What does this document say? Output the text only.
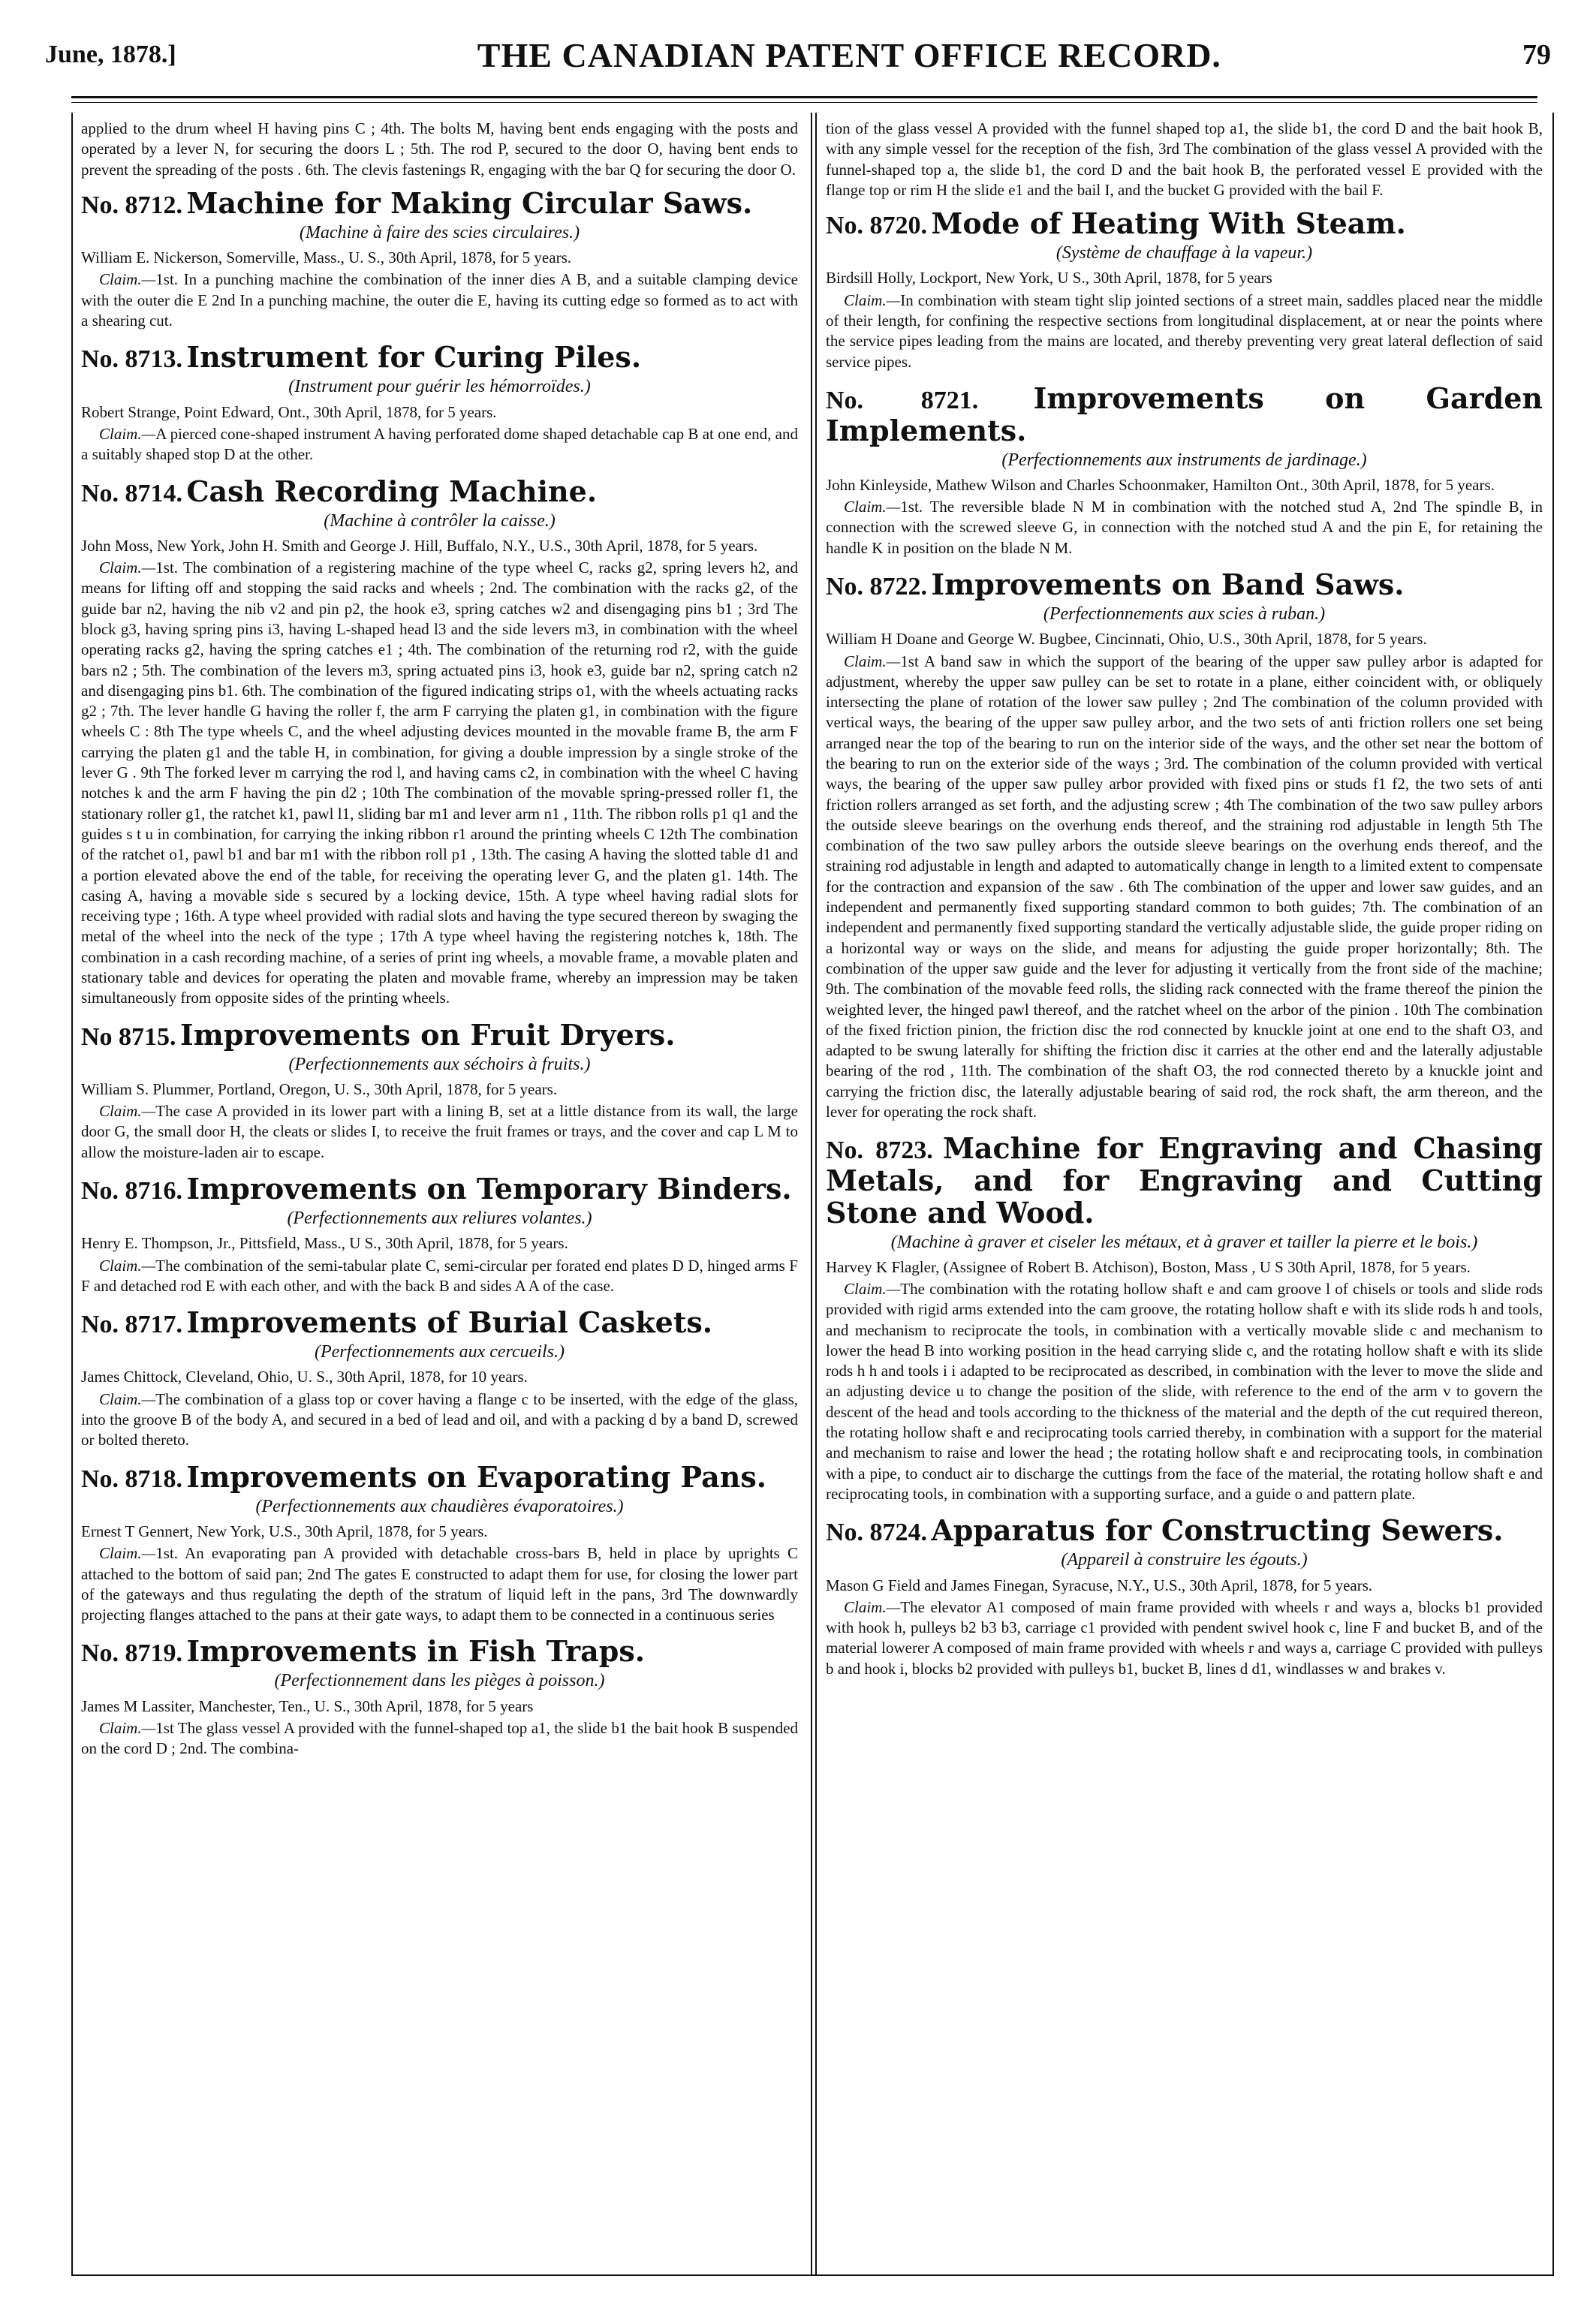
June, 1878.]	THE CANADIAN PATENT OFFICE RECORD.	79

applied to the drum wheel H having pins C ; 4th. The bolts M, having bent ends engaging with the posts and operated by a lever N, for securing the doors L ; 5th. The rod P, secured to the door O, having bent ends to prevent the spreading of the posts . 6th. The clevis fastenings R, engaging with the bar Q for securing the door O.

No. 8712. Machine for Making Circular Saws.
(Machine à faire des scies circulaires.)

William E. Nickerson, Somerville, Mass., U. S., 30th April, 1878, for 5 years.

Claim.—1st. In a punching machine the combination of the inner dies A B, and a suitable clamping device with the outer die E 2nd In a punching machine, the outer die E, having its cutting edge so formed as to act with a shearing cut.

No. 8713. Instrument for Curing Piles.
(Instrument pour guérir les hémorroïdes.)

Robert Strange, Point Edward, Ont., 30th April, 1878, for 5 years.

Claim.—A pierced cone-shaped instrument A having perforated dome shaped detachable cap B at one end, and a suitably shaped stop D at the other.

No. 8714. Cash Recording Machine.
(Machine à contrôler la caisse.)

John Moss, New York, John H. Smith and George J. Hill, Buffalo, N.Y., U.S., 30th April, 1878, for 5 years.

Claim.—1st. The combination of a registering machine of the type wheel C, racks g2, spring levers h2, and means for lifting off and stopping the said racks and wheels ; 2nd. The combination with the racks g2, of the guide bar n2, having the nib v2 and pin p2, the hook e3, spring catches w2 and disengaging pins b1 ; 3rd The block g3, having spring pins i3, having L-shaped head l3 and the side levers m3, in combination with the wheel operating racks g2, having the spring catches e1 ; 4th. The combination of the returning rod r2, with the guide bars n2 ; 5th. The combination of the levers m3, spring actuated pins i3, hook e3, guide bar n2, spring catch n2 and disengaging pins b1. 6th. The combination of the figured indicating strips o1, with the wheels actuating racks g2 ; 7th. The lever handle G having the roller f, the arm F carrying the platen g1, in combination with the figure wheels C : 8th The type wheels C, and the wheel adjusting devices mounted in the movable frame B, the arm F carrying the platen g1 and the table H, in combination, for giving a double impression by a single stroke of the lever G . 9th The forked lever m carrying the rod l, and having cams c2, in combination with the wheel C having notches k and the arm F having the pin d2 ; 10th The combination of the movable spring-pressed roller f1, the stationary roller g1, the ratchet k1, pawl l1, sliding bar m1 and lever arm n1 , 11th. The ribbon rolls p1 q1 and the guides s t u in combination, for carrying the inking ribbon r1 around the printing wheels C 12th The combination of the ratchet o1, pawl b1 and bar m1 with the ribbon roll p1 , 13th. The casing A having the slotted table d1 and a portion elevated above the end of the table, for receiving the operating lever G, and the platen g1. 14th. The casing A, having a movable side s secured by a locking device, 15th. A type wheel having radial slots for receiving type ; 16th. A type wheel provided with radial slots and having the type secured thereon by swaging the metal of the wheel into the neck of the type ; 17th A type wheel having the registering notches k, 18th. The combination in a cash recording machine, of a series of print ing wheels, a movable frame, a movable platen and stationary table and devices for operating the platen and movable frame, whereby an impression may be taken simultaneously from opposite sides of the printing wheels.

No 8715. Improvements on Fruit Dryers.
(Perfectionnements aux séchoirs à fruits.)

William S. Plummer, Portland, Oregon, U. S., 30th April, 1878, for 5 years.

Claim.—The case A provided in its lower part with a lining B, set at a little distance from its wall, the large door G, the small door H, the cleats or slides I, to receive the fruit frames or trays, and the cover and cap L M to allow the moisture-laden air to escape.

No. 8716. Improvements on Temporary Binders.
(Perfectionnements aux reliures volantes.)

Henry E. Thompson, Jr., Pittsfield, Mass., U S., 30th April, 1878, for 5 years.

Claim.—The combination of the semi-tabular plate C, semi-circular per forated end plates D D, hinged arms F F and detached rod E with each other, and with the back B and sides A A of the case.

No. 8717. Improvements of Burial Caskets.
(Perfectionnements aux cercueils.)

James Chittock, Cleveland, Ohio, U. S., 30th April, 1878, for 10 years.

Claim.—The combination of a glass top or cover having a flange c to be inserted, with the edge of the glass, into the groove B of the body A, and secured in a bed of lead and oil, and with a packing d by a band D, screwed or bolted thereto.

No. 8718. Improvements on Evaporating Pans.
(Perfectionnements aux chaudières évaporatoires.)

Ernest T Gennert, New York, U.S., 30th April, 1878, for 5 years.

Claim.—1st. An evaporating pan A provided with detachable cross-bars B, held in place by uprights C attached to the bottom of said pan; 2nd The gates E constructed to adapt them for use, for closing the lower part of the gateways and thus regulating the depth of the stratum of liquid left in the pans, 3rd The downwardly projecting flanges attached to the pans at their gate ways, to adapt them to be connected in a continuous series

No. 8719. Improvements in Fish Traps.
(Perfectionnement dans les pièges à poisson.)

James M Lassiter, Manchester, Ten., U. S., 30th April, 1878, for 5 years

Claim.—1st The glass vessel A provided with the funnel-shaped top a1, the slide b1 the bait hook B suspended on the cord D ; 2nd. The combina-

tion of the glass vessel A provided with the funnel shaped top a1, the slide b1, the cord D and the bait hook B, with any simple vessel for the reception of the fish, 3rd The combination of the glass vessel A provided with the funnel-shaped top a, the slide b1, the cord D and the bait hook B, the perforated vessel E provided with the flange top or rim H the slide e1 and the bail I, and the bucket G provided with the bail F.

No. 8720. Mode of Heating With Steam.
(Système de chauffage à la vapeur.)

Birdsill Holly, Lockport, New York, U S., 30th April, 1878, for 5 years

Claim.—In combination with steam tight slip jointed sections of a street main, saddles placed near the middle of their length, for confining the respective sections from longitudinal displacement, at or near the points where the service pipes leading from the mains are located, and thereby preventing very great lateral deflection of said service pipes.

No. 8721. Improvements on Garden Implements.
(Perfectionnements aux instruments de jardinage.)

John Kinleyside, Mathew Wilson and Charles Schoonmaker, Hamilton Ont., 30th April, 1878, for 5 years.

Claim.—1st. The reversible blade N M in combination with the notched stud A, 2nd The spindle B, in connection with the screwed sleeve G, in connection with the notched stud A and the pin E, for retaining the handle K in position on the blade N M.

No. 8722. Improvements on Band Saws.
(Perfectionnements aux scies à ruban.)

William H Doane and George W. Bugbee, Cincinnati, Ohio, U.S., 30th April, 1878, for 5 years.

Claim.—1st A band saw in which the support of the bearing of the upper saw pulley arbor is adapted for adjustment, whereby the upper saw pulley can be set to rotate in a plane, either coincident with, or obliquely intersecting the plane of rotation of the lower saw pulley ; 2nd The combination of the column provided with vertical ways, the bearing of the upper saw pulley arbor, and the two sets of anti friction rollers one set being arranged near the top of the bearing to run on the interior side of the ways, and the other set near the bottom of the bearing to run on the exterior side of the ways ; 3rd. The combination of the column provided with vertical ways, the bearing of the upper saw pulley arbor provided with fixed pins or studs f1 f2, the two sets of anti friction rollers arranged as set forth, and the adjusting screw ; 4th The combination of the two saw pulley arbors the outside sleeve bearings on the overhung ends thereof, and the straining rod adjustable in length 5th The combination of the two saw pulley arbors the outside sleeve bearings on the overhung ends thereof, and the straining rod adjustable in length and adapted to automatically change in length to a limited extent to compensate for the contraction and expansion of the saw . 6th The combination of the upper and lower saw guides, and an independent and permanently fixed supporting standard common to both guides; 7th. The combination of an independent and permanently fixed supporting standard the vertically adjustable slide, the guide proper riding on a horizontal way or ways on the slide, and means for adjusting the guide proper horizontally; 8th. The combination of the upper saw guide and the lever for adjusting it vertically from the front side of the machine; 9th. The combination of the movable feed rolls, the sliding rack connected with the frame thereof the pinion the weighted lever, the hinged pawl thereof, and the ratchet wheel on the arbor of the pinion . 10th The combination of the fixed friction pinion, the friction disc the rod connected by knuckle joint at one end to the shaft O3, and adapted to be swung laterally for shifting the friction disc it carries at the other end and the laterally adjustable bearing of the rod , 11th. The combination of the shaft O3, the rod connected thereto by a knuckle joint and carrying the friction disc, the laterally adjustable bearing of said rod, the rock shaft, the arm thereon, and the lever for operating the rock shaft.

No. 8723. Machine for Engraving and Chasing Metals, and for Engraving and Cutting Stone and Wood.
(Machine à graver et ciseler les métaux, et à graver et tailler la pierre et le bois.)

Harvey K Flagler, (Assignee of Robert B. Atchison), Boston, Mass , U S 30th April, 1878, for 5 years.

Claim.—The combination with the rotating hollow shaft e and cam groove l of chisels or tools and slide rods provided with rigid arms extended into the cam groove, the rotating hollow shaft e with its slide rods h and tools, and mechanism to reciprocate the tools, in combination with a vertically movable slide c and mechanism to lower the head B into working position in the head carrying slide c, and the rotating hollow shaft e with its slide rods h h and tools i i adapted to be reciprocated as described, in combination with the lever to move the slide and an adjusting device u to change the position of the slide, with reference to the end of the arm v to govern the descent of the head and tools according to the thickness of the material and the depth of the cut required thereon, the rotating hollow shaft e and reciprocating tools carried thereby, in combination with a support for the material and mechanism to raise and lower the head ; the rotating hollow shaft e and reciprocating tools, in combination with a pipe, to conduct air to discharge the cuttings from the face of the material, the rotating hollow shaft e and reciprocating tools, in combination with a supporting surface, and a guide o and pattern plate.

No. 8724. Apparatus for Constructing Sewers.
(Appareil à construire les égouts.)

Mason G Field and James Finegan, Syracuse, N.Y., U.S., 30th April, 1878, for 5 years.

Claim.—The elevator A1 composed of main frame provided with wheels r and ways a, blocks b1 provided with hook h, pulleys b2 b3 b3, carriage c1 provided with pendent swivel hook c, line F and bucket B, and of the material lowerer A composed of main frame provided with wheels r and ways a, carriage C provided with pulleys b and hook i, blocks b2 provided with pulleys b1, bucket B, lines d d1, windlasses w and brakes v.
